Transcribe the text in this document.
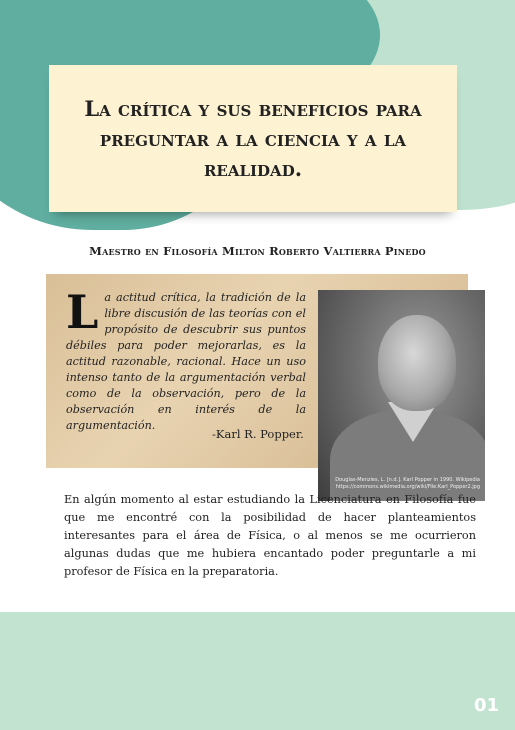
La crítica y sus beneficios para preguntar a la ciencia y a la realidad.
Maestro en Filosofía Milton Roberto Valtierra Pinedo

La actitud crítica, la tradición de la libre discusión de las teorías con el propósito de descubrir sus puntos débiles para poder mejorarlas, es la actitud razonable, racional. Hace un uso intenso tanto de la argumentación verbal como de la observación, pero de la observación en interés de la argumentación.

-Karl R. Popper.
Douglas-Menzies, L. [n.d.]. Karl Popper in 1990. Wikipedia https://commons.wikimedia.org/wiki/File:Karl_Popper2.jpg

En algún momento al estar estudiando la Licenciatura en Filosofía fue que me encontré con la posibilidad de hacer planteamientos interesantes para el área de Física, o al menos se me ocurrieron algunas dudas que me hubiera encantado poder preguntarle a mi profesor de Física en la preparatoria.

01
